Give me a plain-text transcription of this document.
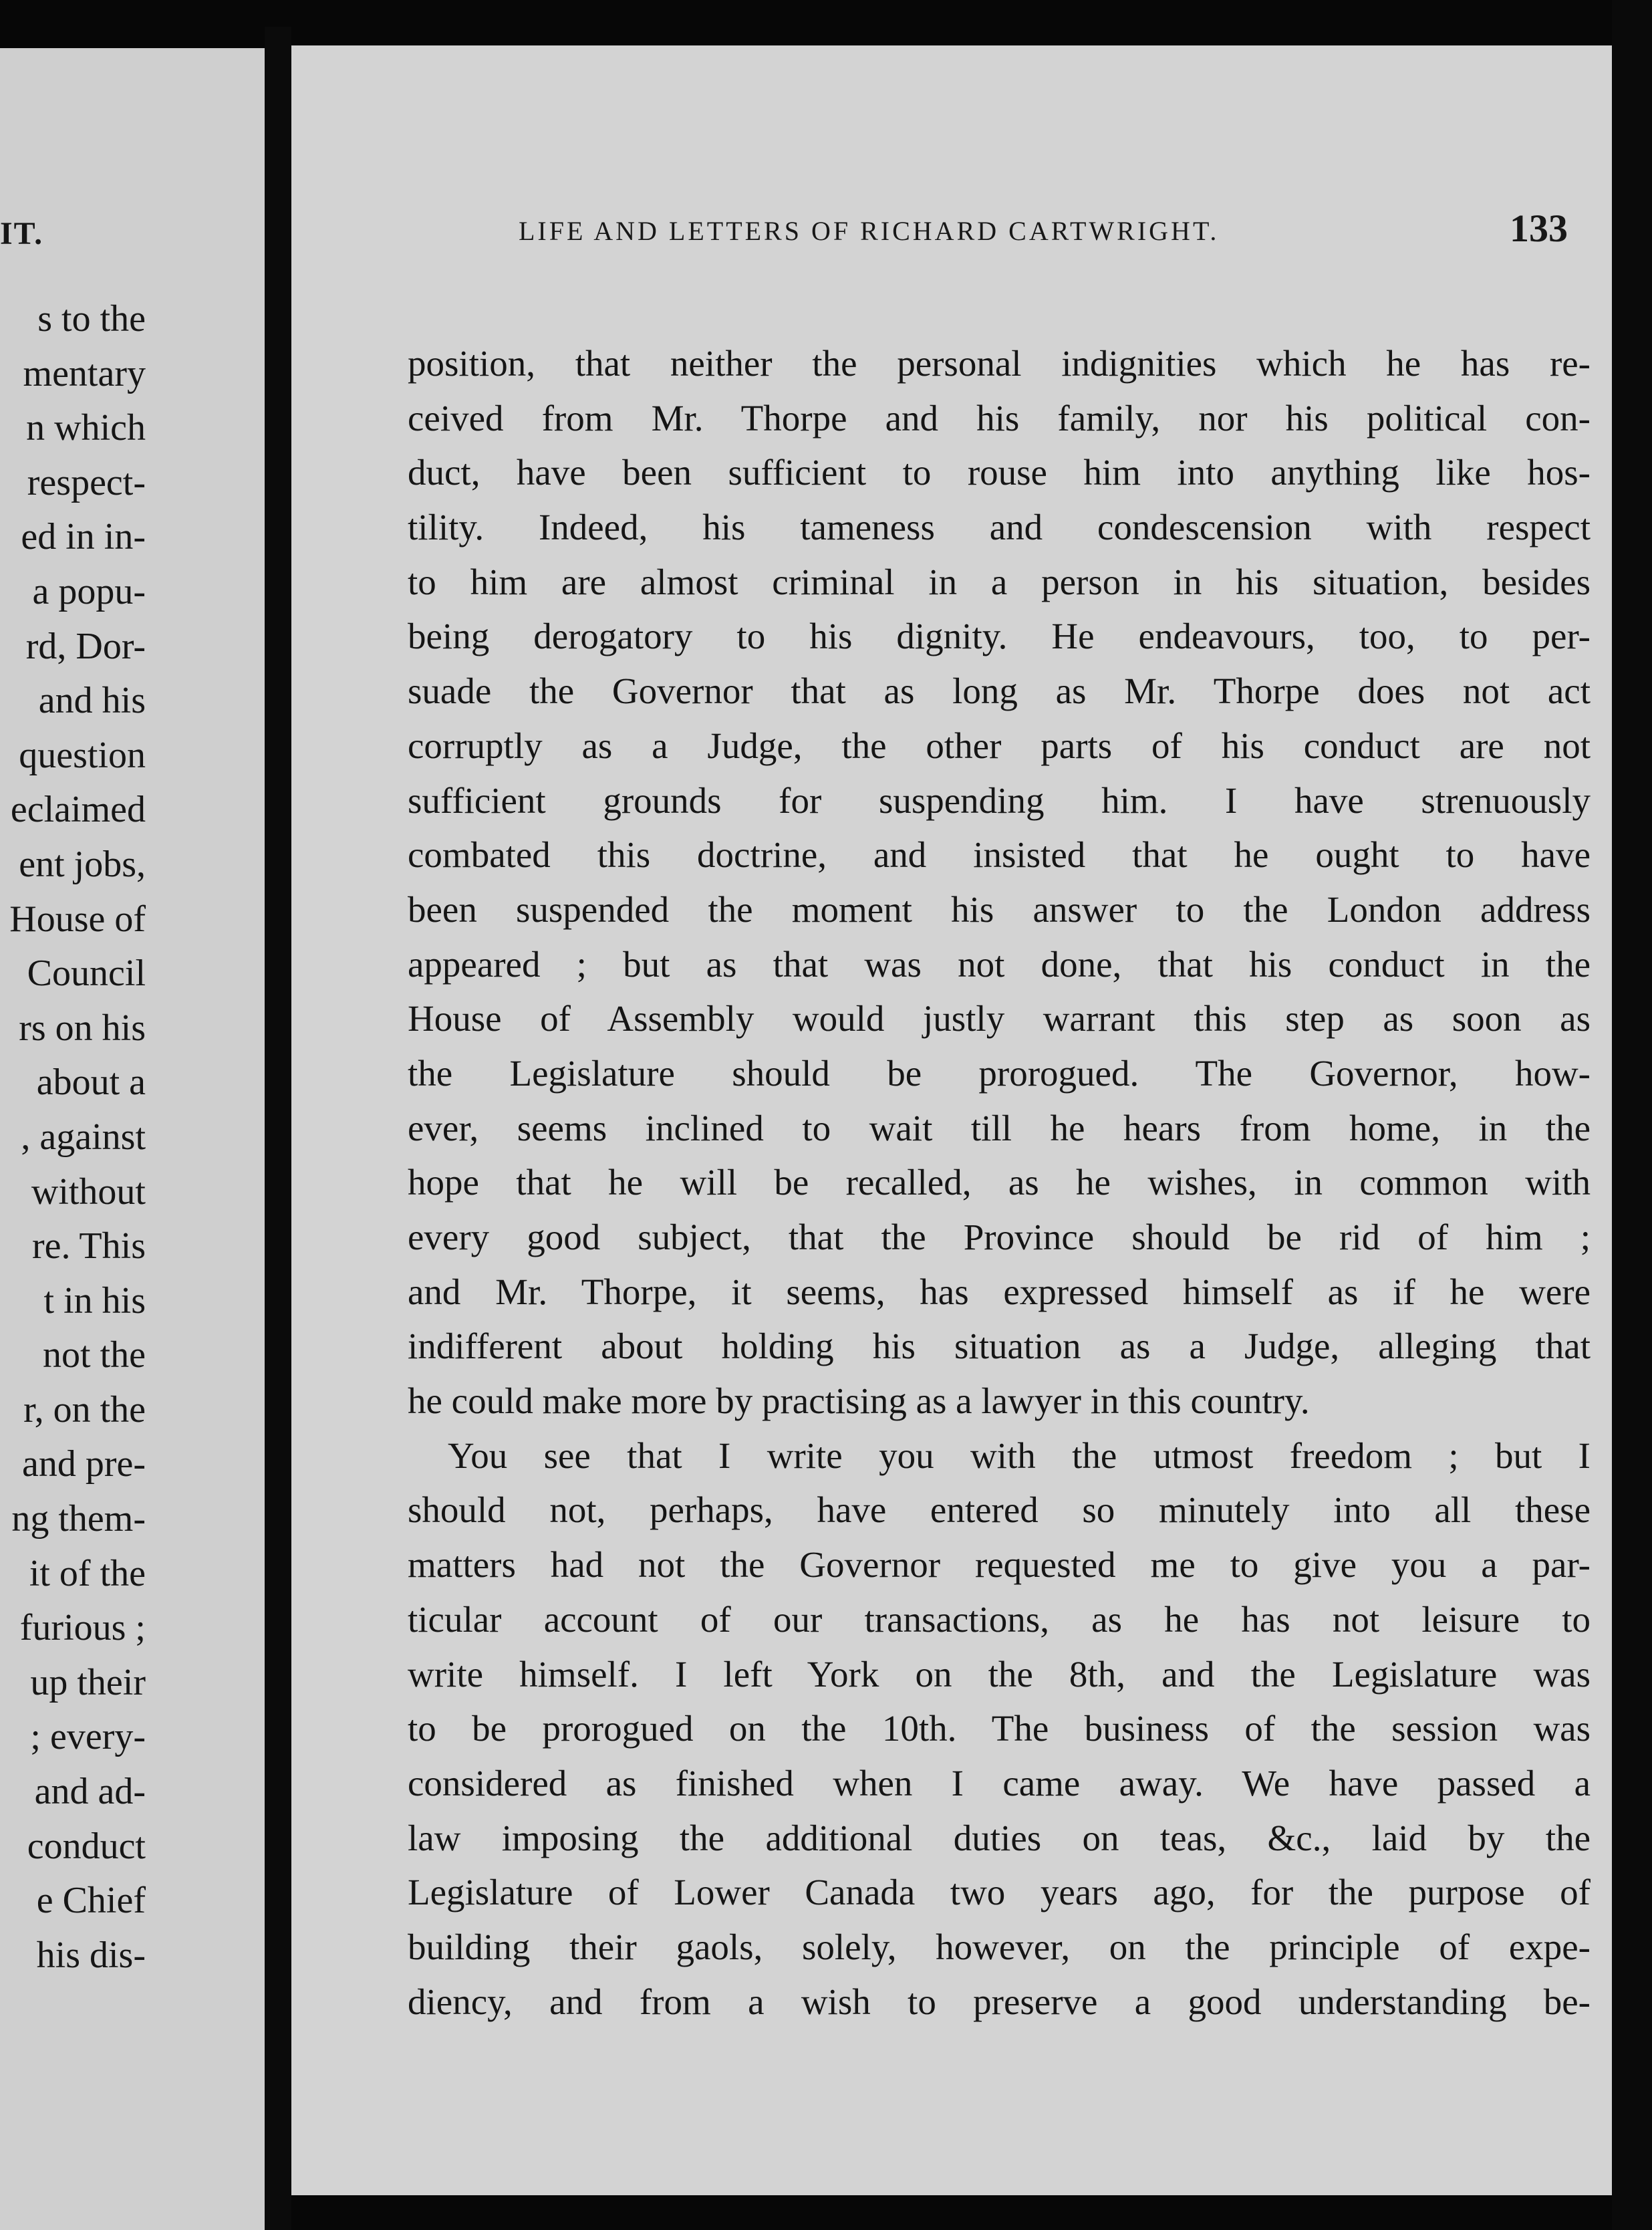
IT.
s to the
mentary
n which
respect-
ed in in-
a popu-
rd, Dor-
and his
question
eclaimed
ent jobs,
House of
Council
rs on his
about a
, against
without
re. This
t in his
not the
r, on the
and pre-
ng them-
it of the
furious ;
up their
; every-
and ad-
conduct
e Chief
his dis-
LIFE AND LETTERS OF RICHARD CARTWRIGHT.	133
position, that neither the personal indignities which he has re-
ceived from Mr. Thorpe and his family, nor his political con-
duct, have been sufficient to rouse him into anything like hos-
tility. Indeed, his tameness and condescension with respect
to him are almost criminal in a person in his situation, besides
being derogatory to his dignity. He endeavours, too, to per-
suade the Governor that as long as Mr. Thorpe does not act
corruptly as a Judge, the other parts of his conduct are not
sufficient grounds for suspending him. I have strenuously
combated this doctrine, and insisted that he ought to have
been suspended the moment his answer to the London address
appeared ; but as that was not done, that his conduct in the
House of Assembly would justly warrant this step as soon as
the Legislature should be prorogued. The Governor, how-
ever, seems inclined to wait till he hears from home, in the
hope that he will be recalled, as he wishes, in common with
every good subject, that the Province should be rid of him ;
and Mr. Thorpe, it seems, has expressed himself as if he were
indifferent about holding his situation as a Judge, alleging that
he could make more by practising as a lawyer in this country.
You see that I write you with the utmost freedom ; but I
should not, perhaps, have entered so minutely into all these
matters had not the Governor requested me to give you a par-
ticular account of our transactions, as he has not leisure to
write himself. I left York on the 8th, and the Legislature was
to be prorogued on the 10th. The business of the session was
considered as finished when I came away. We have passed a
law imposing the additional duties on teas, &c., laid by the
Legislature of Lower Canada two years ago, for the purpose of
building their gaols, solely, however, on the principle of expe-
diency, and from a wish to preserve a good understanding be-
